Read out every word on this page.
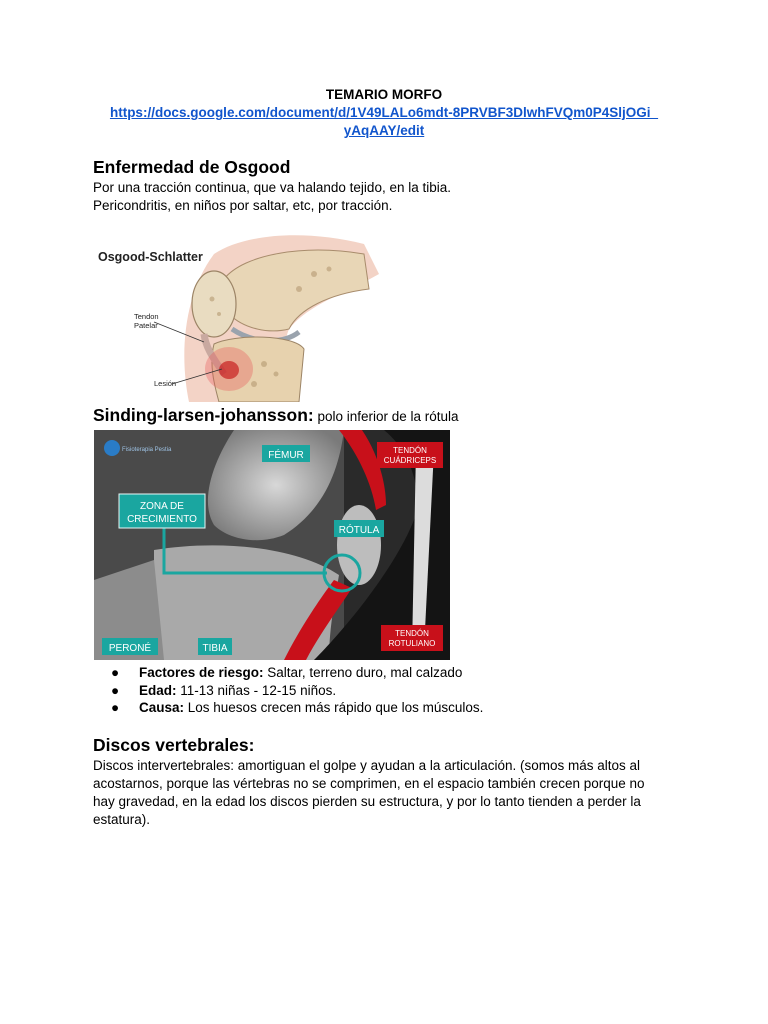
TEMARIO MORFO
https://docs.google.com/document/d/1V49LALo6mdt-8PRVBF3DlwhFVQm0P4SljOGi_
yAqAAY/edit
Enfermedad de Osgood
Por una tracción continua, que va halando tejido, en la tibia.
Pericondritis, en niños por saltar, etc, por tracción.
Osgood-Schlatter
Tendon
Patelar
Lesión
Sinding-larsen-johansson: polo inferior de la rótula
Fisioterapia Pestia	FÉMUR	TENDÓN
CUÁDRICEPS
ZONA DE
CRECIMIENTO
RÓTULA
PERONÉ	TIBIA
TENDÓN
ROTULIANO
● Factores de riesgo: Saltar, terreno duro, mal calzado
● Edad: 11-13 niñas - 12-15 niños.
● Causa: Los huesos crecen más rápido que los músculos.
Discos vertebrales:
Discos intervertebrales: amortiguan el golpe y ayudan a la articulación. (somos más altos al
acostarnos, porque las vértebras no se comprimen, en el espacio también crecen porque no
hay gravedad, en la edad los discos pierden su estructura, y por lo tanto tienden a perder la
estatura).
